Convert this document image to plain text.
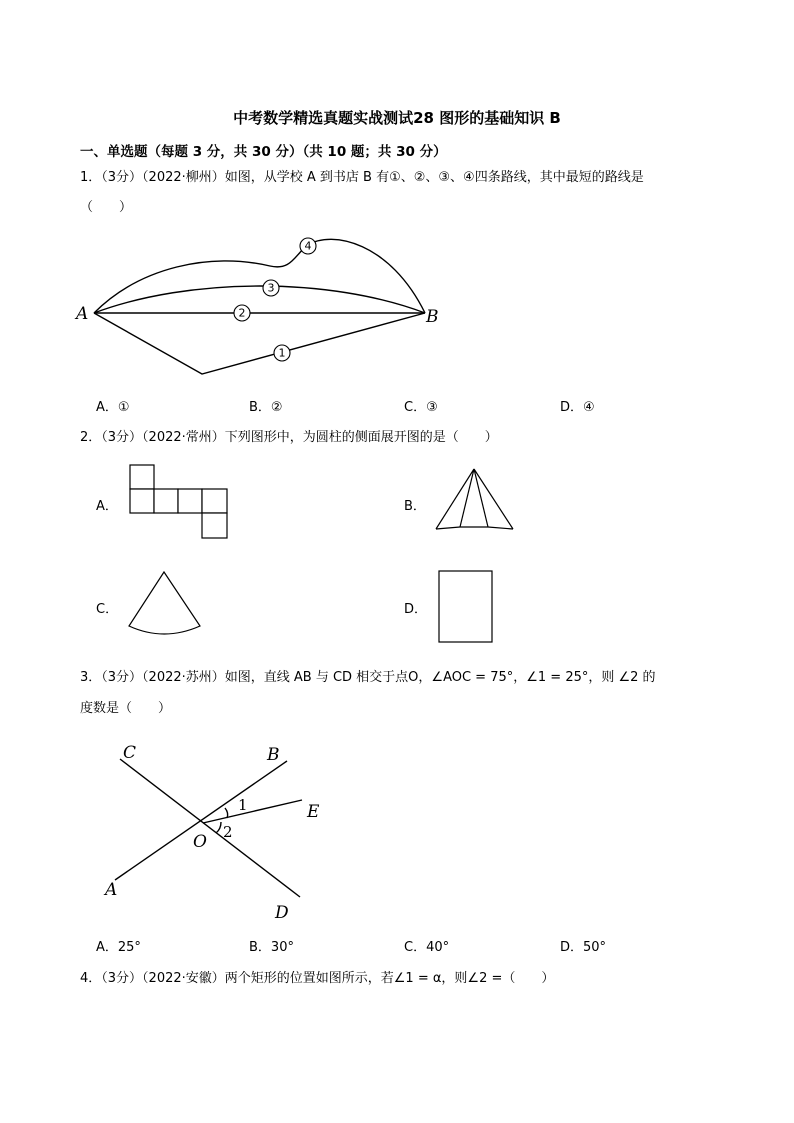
中考数学精选真题实战测试28 图形的基础知识 B
一、单选题（每题 3 分，共 30 分）（共 10 题；共 30 分）
1．（3分）（2022·柳州）如图，从学校 A 到书店 B 有①、②、③、④四条路线，其中最短的路线是
（　　）
4
3
2
1
A	B
A．①	B．②	C．③	D．④
2．（3分）（2022·常州）下列图形中，为圆柱的侧面展开图的是（　　）
A．	B．
C．	D．
3．（3分）（2022·苏州）如图，直线 AB 与 CD 相交于点O，∠AOC = 75°，∠1 = 25°，则 ∠2 的
度数是（　　）
C	B
E
O
A
D
1
2
A．25°	B．30°	C．40°	D．50°
4．（3分）（2022·安徽）两个矩形的位置如图所示，若∠1 = α，则∠2 =（　　）
